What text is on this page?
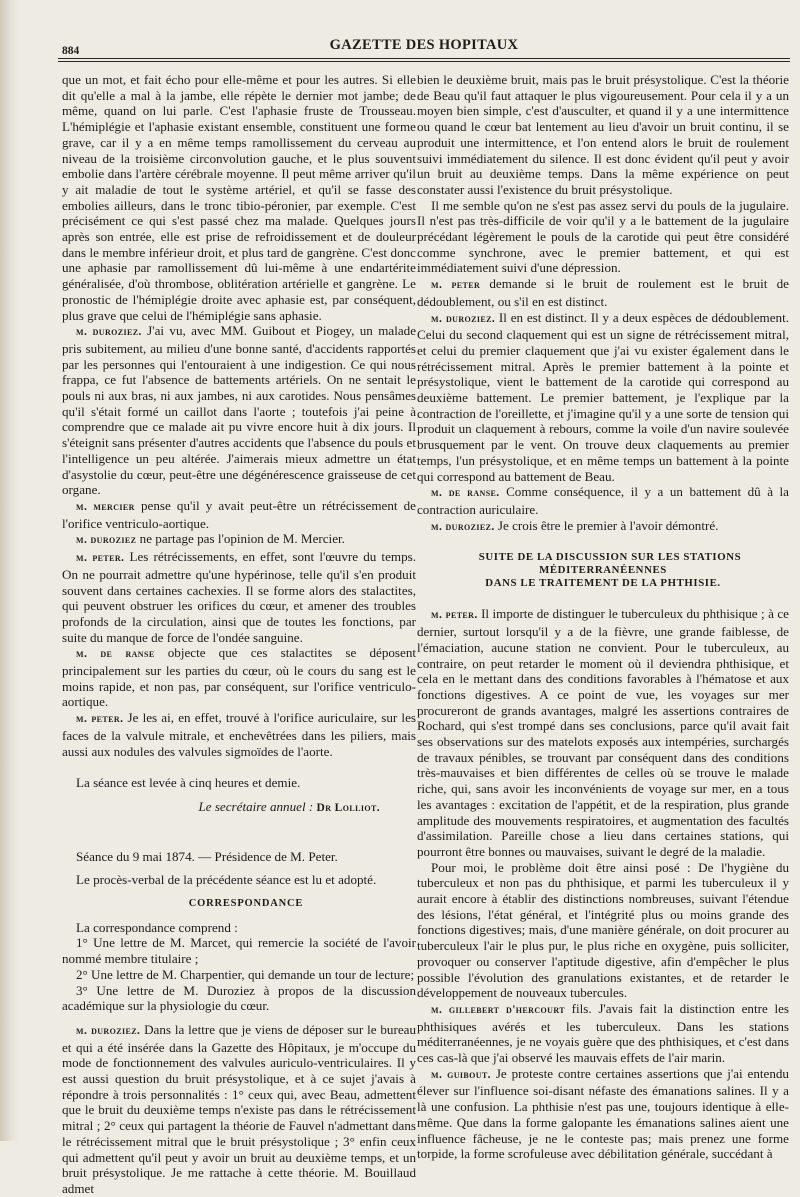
884	GAZETTE DES HOPITAUX

que un mot, et fait écho pour elle-même et pour les autres. Si elle dit qu'elle a mal à la jambe, elle répète le dernier mot jambe; de même, quand on lui parle. C'est l'aphasie fruste de Trousseau. L'hémiplégie et l'aphasie existant ensemble, constituent une forme grave, car il y a en même temps ramollissement du cerveau au niveau de la troisième circonvolution gauche, et le plus souvent embolie dans l'artère cérébrale moyenne. Il peut même arriver qu'il y ait maladie de tout le système artériel, et qu'il se fasse des embolies ailleurs, dans le tronc tibio-péronier, par exemple. C'est précisément ce qui s'est passé chez ma malade. Quelques jours après son entrée, elle est prise de refroidissement et de douleur dans le membre inférieur droit, et plus tard de gangrène. C'est donc une aphasie par ramollissement dû lui-même à une endartérite généralisée, d'où thrombose, oblitération artérielle et gangrène. Le pronostic de l'hémiplégie droite avec aphasie est, par conséquent, plus grave que celui de l'hémiplégie sans aphasie.

m. duroziez. J'ai vu, avec MM. Guibout et Piogey, un malade pris subitement, au milieu d'une bonne santé, d'accidents rapportés par les personnes qui l'entouraient à une indigestion. Ce qui nous frappa, ce fut l'absence de battements artériels. On ne sentait le pouls ni aux bras, ni aux jambes, ni aux carotides. Nous pensâmes qu'il s'était formé un caillot dans l'aorte ; toutefois j'ai peine à comprendre que ce malade ait pu vivre encore huit à dix jours. Il s'éteignit sans présenter d'autres accidents que l'absence du pouls et l'intelligence un peu altérée. J'aimerais mieux admettre un état d'asystolie du cœur, peut-être une dégénérescence graisseuse de cet organe.

m. mercier pense qu'il y avait peut-être un rétrécissement de l'orifice ventriculo-aortique.

m. duroziez ne partage pas l'opinion de M. Mercier.

m. peter. Les rétrécissements, en effet, sont l'œuvre du temps. On ne pourrait admettre qu'une hypérinose, telle qu'il s'en produit souvent dans certaines cachexies. Il se forme alors des stalactites, qui peuvent obstruer les orifices du cœur, et amener des troubles profonds de la circulation, ainsi que de toutes les fonctions, par suite du manque de force de l'ondée sanguine.

m. de ranse objecte que ces stalactites se déposent principalement sur les parties du cœur, où le cours du sang est le moins rapide, et non pas, par conséquent, sur l'orifice ventriculo-aortique.

m. peter. Je les ai, en effet, trouvé à l'orifice auriculaire, sur les faces de la valvule mitrale, et enchevêtrées dans les piliers, mais aussi aux nodules des valvules sigmoïdes de l'aorte.

La séance est levée à cinq heures et demie.

Le secrétaire annuel : Dr Lolliot.

Séance du 9 mai 1874. — Présidence de M. Peter.

Le procès-verbal de la précédente séance est lu et adopté.

CORRESPONDANCE

La correspondance comprend :

1° Une lettre de M. Marcet, qui remercie la société de l'avoir nommé membre titulaire ;

2° Une lettre de M. Charpentier, qui demande un tour de lecture;

3° Une lettre de M. Duroziez à propos de la discussion académique sur la physiologie du cœur.

m. duroziez. Dans la lettre que je viens de déposer sur le bureau et qui a été insérée dans la Gazette des Hôpitaux, je m'occupe du mode de fonctionnement des valvules auriculo-ventriculaires. Il y est aussi question du bruit présystolique, et à ce sujet j'avais à répondre à trois personnalités : 1° ceux qui, avec Beau, admettent que le bruit du deuxième temps n'existe pas dans le rétrécissement mitral ; 2° ceux qui partagent la théorie de Fauvel n'admettant dans le rétrécissement mitral que le bruit présystolique ; 3° enfin ceux qui admettent qu'il peut y avoir un bruit au deuxième temps, et un bruit présystolique. Je me rattache à cette théorie. M. Bouillaud admet

bien le deuxième bruit, mais pas le bruit présystolique. C'est la théorie de Beau qu'il faut attaquer le plus vigoureusement. Pour cela il y a un moyen bien simple, c'est d'ausculter, et quand il y a une intermittence ou quand le cœur bat lentement au lieu d'avoir un bruit continu, il se produit une intermittence, et l'on entend alors le bruit de roulement suivi immédiatement du silence. Il est donc évident qu'il peut y avoir un bruit au deuxième temps. Dans la même expérience on peut constater aussi l'existence du bruit présystolique.

Il me semble qu'on ne s'est pas assez servi du pouls de la jugulaire. Il n'est pas très-difficile de voir qu'il y a le battement de la jugulaire précédant légèrement le pouls de la carotide qui peut être considéré comme synchrone, avec le premier battement, et qui est immédiatement suivi d'une dépression.

m. peter demande si le bruit de roulement est le bruit de dédoublement, ou s'il en est distinct.

m. duroziez. Il en est distinct. Il y a deux espèces de dédoublement. Celui du second claquement qui est un signe de rétrécissement mitral, et celui du premier claquement que j'ai vu exister également dans le rétrécissement mitral. Après le premier battement à la pointe et présystolique, vient le battement de la carotide qui correspond au deuxième battement. Le premier battement, je l'explique par la contraction de l'oreillette, et j'imagine qu'il y a une sorte de tension qui produit un claquement à rebours, comme la voile d'un navire soulevée brusquement par le vent. On trouve deux claquements au premier temps, l'un présystolique, et en même temps un battement à la pointe qui correspond au battement de Beau.

m. de ranse. Comme conséquence, il y a un battement dû à la contraction auriculaire.

m. duroziez. Je crois être le premier à l'avoir démontré.

SUITE DE LA DISCUSSION SUR LES STATIONS MÉDITERRANÉENNES
DANS LE TRAITEMENT DE LA PHTHISIE.

m. peter. Il importe de distinguer le tuberculeux du phthisique ; à ce dernier, surtout lorsqu'il y a de la fièvre, une grande faiblesse, de l'émaciation, aucune station ne convient. Pour le tuberculeux, au contraire, on peut retarder le moment où il deviendra phthisique, et cela en le mettant dans des conditions favorables à l'hématose et aux fonctions digestives. A ce point de vue, les voyages sur mer procureront de grands avantages, malgré les assertions contraires de Rochard, qui s'est trompé dans ses conclusions, parce qu'il avait fait ses observations sur des matelots exposés aux intempéries, surchargés de travaux pénibles, se trouvant par conséquent dans des conditions très-mauvaises et bien différentes de celles où se trouve le malade riche, qui, sans avoir les inconvénients de voyage sur mer, en a tous les avantages : excitation de l'appétit, et de la respiration, plus grande amplitude des mouvements respiratoires, et augmentation des facultés d'assimilation. Pareille chose a lieu dans certaines stations, qui pourront être bonnes ou mauvaises, suivant le degré de la maladie.

Pour moi, le problème doit être ainsi posé : De l'hygiène du tuberculeux et non pas du phthisique, et parmi les tuberculeux il y aurait encore à établir des distinctions nombreuses, suivant l'étendue des lésions, l'état général, et l'intégrité plus ou moins grande des fonctions digestives; mais, d'une manière générale, on doit procurer au tuberculeux l'air le plus pur, le plus riche en oxygène, puis solliciter, provoquer ou conserver l'aptitude digestive, afin d'empêcher le plus possible l'évolution des granulations existantes, et de retarder le développement de nouveaux tubercules.

m. gillebert d'hercourt fils. J'avais fait la distinction entre les phthisiques avérés et les tuberculeux. Dans les stations méditerranéennes, je ne voyais guère que des phthisiques, et c'est dans ces cas-là que j'ai observé les mauvais effets de l'air marin.

m. guibout. Je proteste contre certaines assertions que j'ai entendu élever sur l'influence soi-disant néfaste des émanations salines. Il y a là une confusion. La phthisie n'est pas une, toujours identique à elle-même. Que dans la forme galopante les émanations salines aient une influence fâcheuse, je ne le conteste pas; mais prenez une forme torpide, la forme scrofuleuse avec débilitation générale, succédant à
